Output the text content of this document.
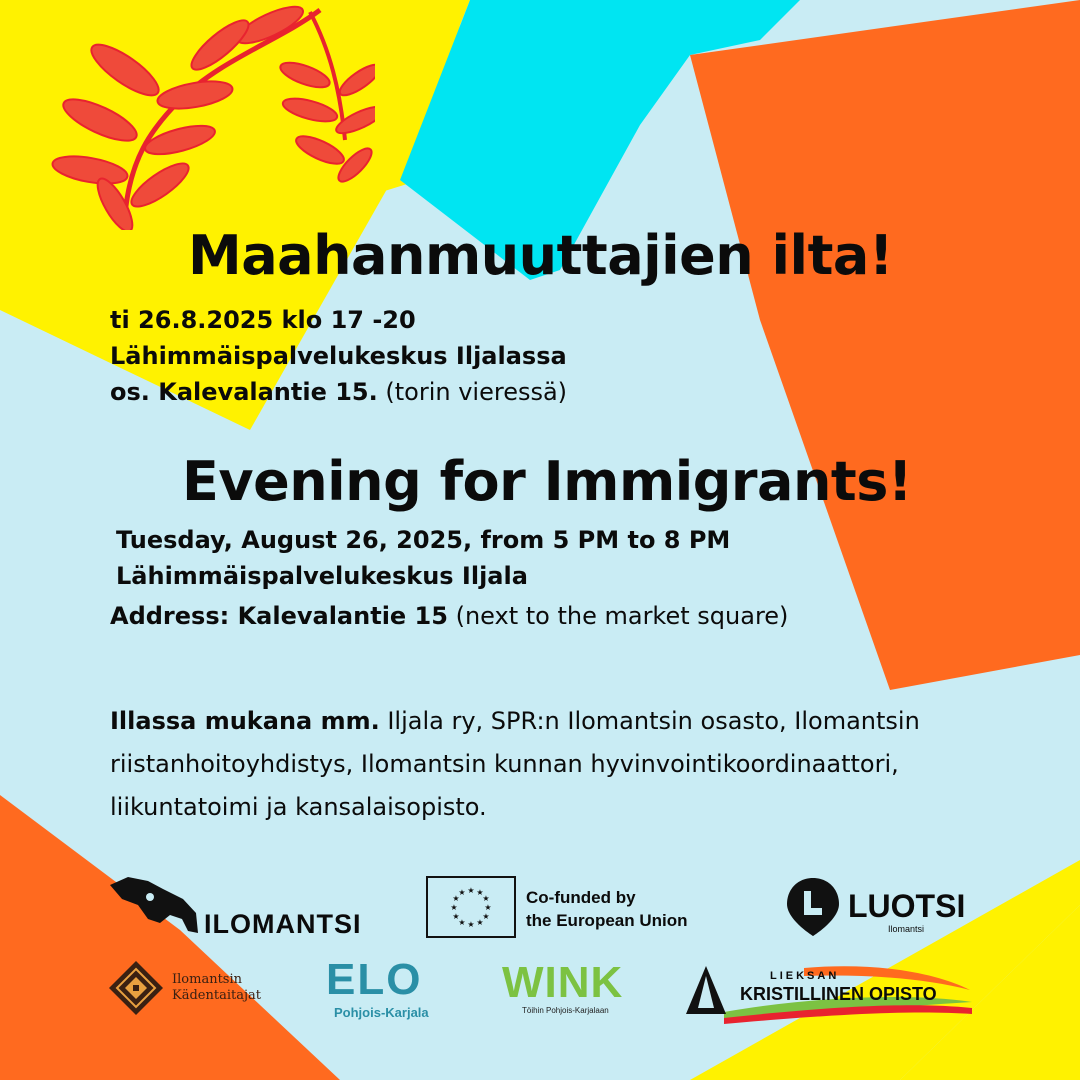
Maahanmuuttajien ilta!
ti 26.8.2025 klo 17 -20
Lähimmäispalvelukeskus Iljalassa
os. Kalevalantie 15. (torin vieressä)
Evening for Immigrants!
Tuesday, August 26, 2025, from 5 PM to 8 PM
Lähimmäispalvelukeskus Iljala
Address: Kalevalantie 15 (next to the market square)
Illassa mukana mm. Iljala ry, SPR:n Ilomantsin osasto, Ilomantsin riistanhoitoyhdistys, Ilomantsin kunnan hyvinvointikoordinaattori, liikuntatoimi ja kansalaisopisto.
ILOMANTSI
★ ★
★
★
★
★
★
★
★
★
★
★	Co-funded by
the European Union	LUOTSI
Ilomantsi
Ilomantsin
Kädentaitajat ELO
Pohjois-Karjala
WINK
Töihin Pohjois-Karjalaan
LIEKSAN
KRISTILLINEN OPISTO
